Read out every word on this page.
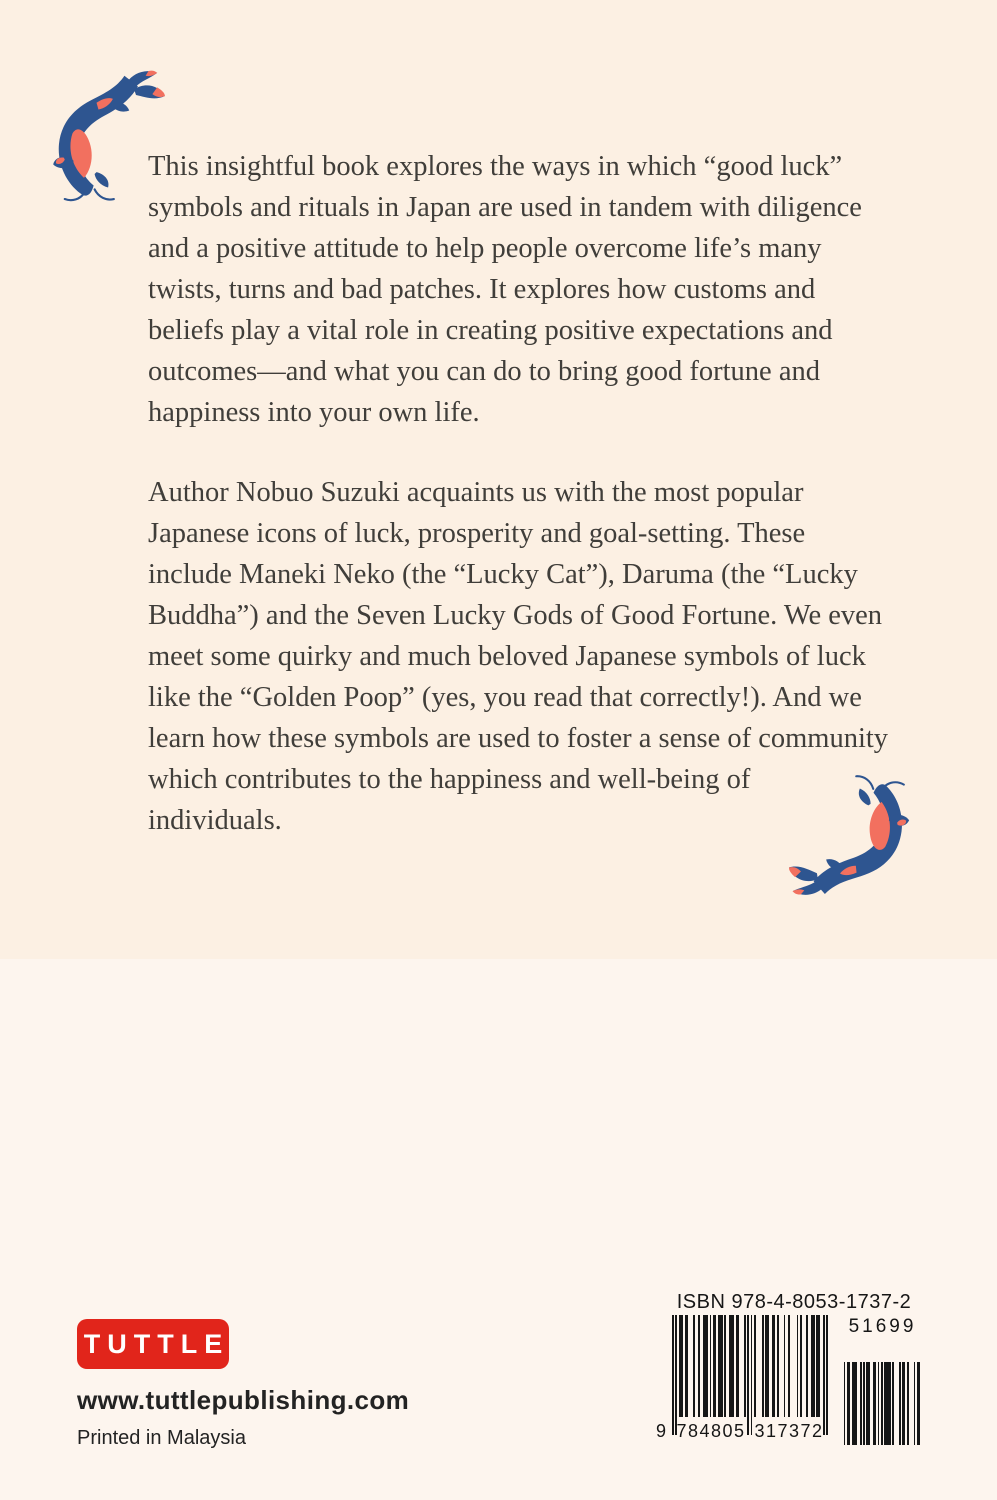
This insightful book explores the ways in which “good luck” symbols and rituals in Japan are used in tandem with diligence and a positive attitude to help people overcome life’s many twists, turns and bad patches. It explores how customs and beliefs play a vital role in creating positive expectations and outcomes—and what you can do to bring good fortune and happiness into your own life.

Author Nobuo Suzuki acquaints us with the most popular Japanese icons of luck, prosperity and goal-setting. These include Maneki Neko (the “Lucky Cat”), Daruma (the “Lucky Buddha”) and the Seven Lucky Gods of Good Fortune. We even meet some quirky and much beloved Japanese symbols of luck like the “Golden Poop” (yes, you read that correctly!). And we learn how these symbols are used to foster a sense of community which contributes to the happiness and well-being of individuals.

TUTTLE
www.tuttlepublishing.com
Printed in Malaysia
ISBN 978-4-8053-1737-2
9 784805 317372
51699
